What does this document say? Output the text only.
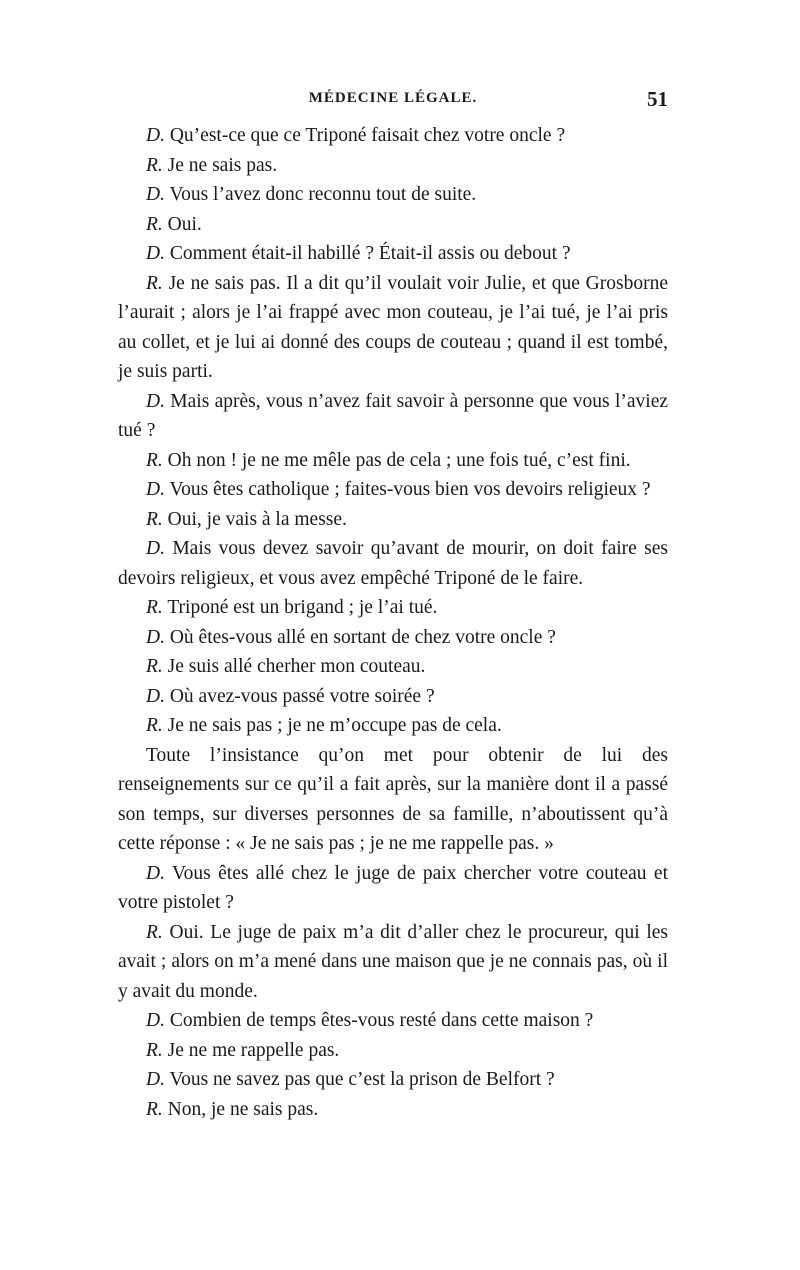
MÉDECINE LÉGALE.	51

D. Qu’est-ce que ce Triponé faisait chez votre oncle ?

R. Je ne sais pas.

D. Vous l’avez donc reconnu tout de suite.

R. Oui.

D. Comment était-il habillé ? Était-il assis ou debout ?

R. Je ne sais pas. Il a dit qu’il voulait voir Julie, et que Grosborne l’aurait ; alors je l’ai frappé avec mon couteau, je l’ai tué, je l’ai pris au collet, et je lui ai donné des coups de couteau ; quand il est tombé, je suis parti.

D. Mais après, vous n’avez fait savoir à personne que vous l’aviez tué ?

R. Oh non ! je ne me mêle pas de cela ; une fois tué, c’est fini.

D. Vous êtes catholique ; faites-vous bien vos devoirs religieux ?

R. Oui, je vais à la messe.

D. Mais vous devez savoir qu’avant de mourir, on doit faire ses devoirs religieux, et vous avez empêché Triponé de le faire.

R. Triponé est un brigand ; je l’ai tué.

D. Où êtes-vous allé en sortant de chez votre oncle ?

R. Je suis allé cherher mon couteau.

D. Où avez-vous passé votre soirée ?

R. Je ne sais pas ; je ne m’occupe pas de cela.

Toute l’insistance qu’on met pour obtenir de lui des renseignements sur ce qu’il a fait après, sur la manière dont il a passé son temps, sur diverses personnes de sa famille, n’aboutissent qu’à cette réponse : « Je ne sais pas ; je ne me rappelle pas. »

D. Vous êtes allé chez le juge de paix chercher votre couteau et votre pistolet ?

R. Oui. Le juge de paix m’a dit d’aller chez le procureur, qui les avait ; alors on m’a mené dans une maison que je ne connais pas, où il y avait du monde.

D. Combien de temps êtes-vous resté dans cette maison ?

R. Je ne me rappelle pas.

D. Vous ne savez pas que c’est la prison de Belfort ?

R. Non, je ne sais pas.
